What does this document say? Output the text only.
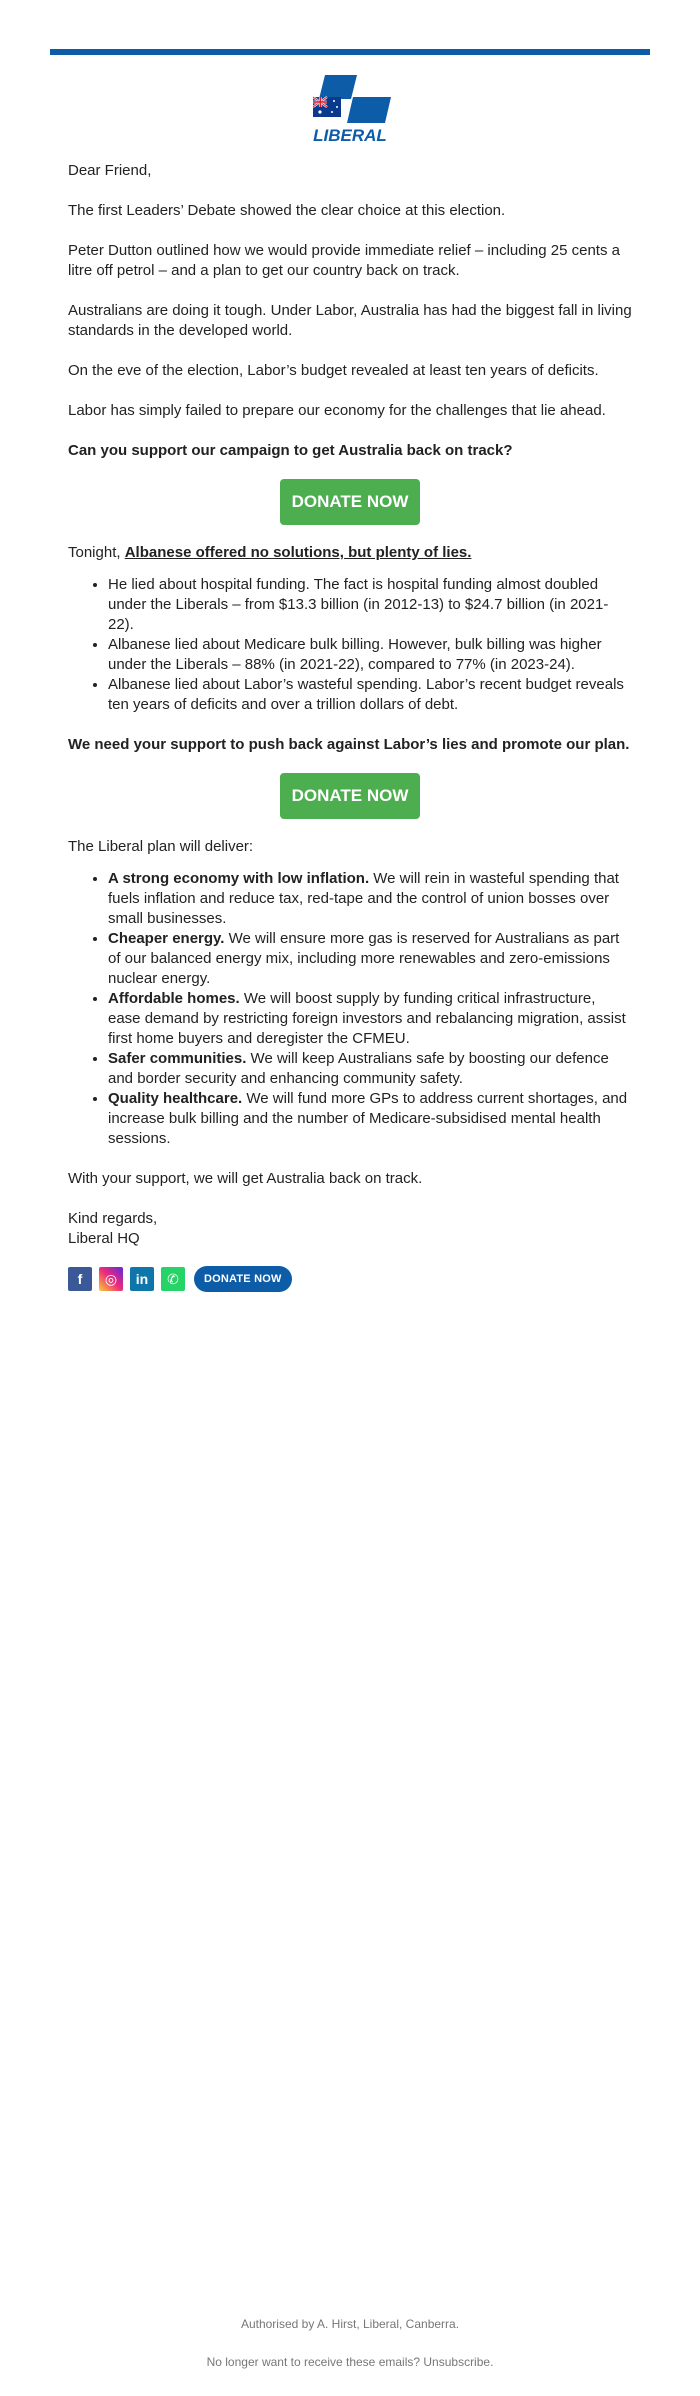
LIBERAL

Dear Friend,

The first Leaders’ Debate showed the clear choice at this election.

Peter Dutton outlined how we would provide immediate relief – including 25 cents a litre off petrol – and a plan to get our country back on track.

Australians are doing it tough. Under Labor, Australia has had the biggest fall in living standards in the developed world.

On the eve of the election, Labor’s budget revealed at least ten years of deficits.

Labor has simply failed to prepare our economy for the challenges that lie ahead.

Can you support our campaign to get Australia back on track?

DONATE NOW

Tonight, Albanese offered no solutions, but plenty of lies.

• He lied about hospital funding. The fact is hospital funding almost doubled under the Liberals – from $13.3 billion (in 2012-13) to $24.7 billion (in 2021-22).
• Albanese lied about Medicare bulk billing. However, bulk billing was higher under the Liberals – 88% (in 2021-22), compared to 77% (in 2023-24).
• Albanese lied about Labor’s wasteful spending. Labor’s recent budget reveals ten years of deficits and over a trillion dollars of debt.

We need your support to push back against Labor’s lies and promote our plan.

DONATE NOW

The Liberal plan will deliver:

• A strong economy with low inflation. We will rein in wasteful spending that fuels inflation and reduce tax, red-tape and the control of union bosses over small businesses.
• Cheaper energy. We will ensure more gas is reserved for Australians as part of our balanced energy mix, including more renewables and zero-emissions nuclear energy.
• Affordable homes. We will boost supply by funding critical infrastructure, ease demand by restricting foreign investors and rebalancing migration, assist first home buyers and deregister the CFMEU.
• Safer communities. We will keep Australians safe by boosting our defence and border security and enhancing community safety.
• Quality healthcare. We will fund more GPs to address current shortages, and increase bulk billing and the number of Medicare-subsidised mental health sessions.

With your support, we will get Australia back on track.

Kind regards,

Liberal HQ

f	◎	in	✆	DONATE NOW
Authorised by A. Hirst, Liberal, Canberra.
No longer want to receive these emails? Unsubscribe.
